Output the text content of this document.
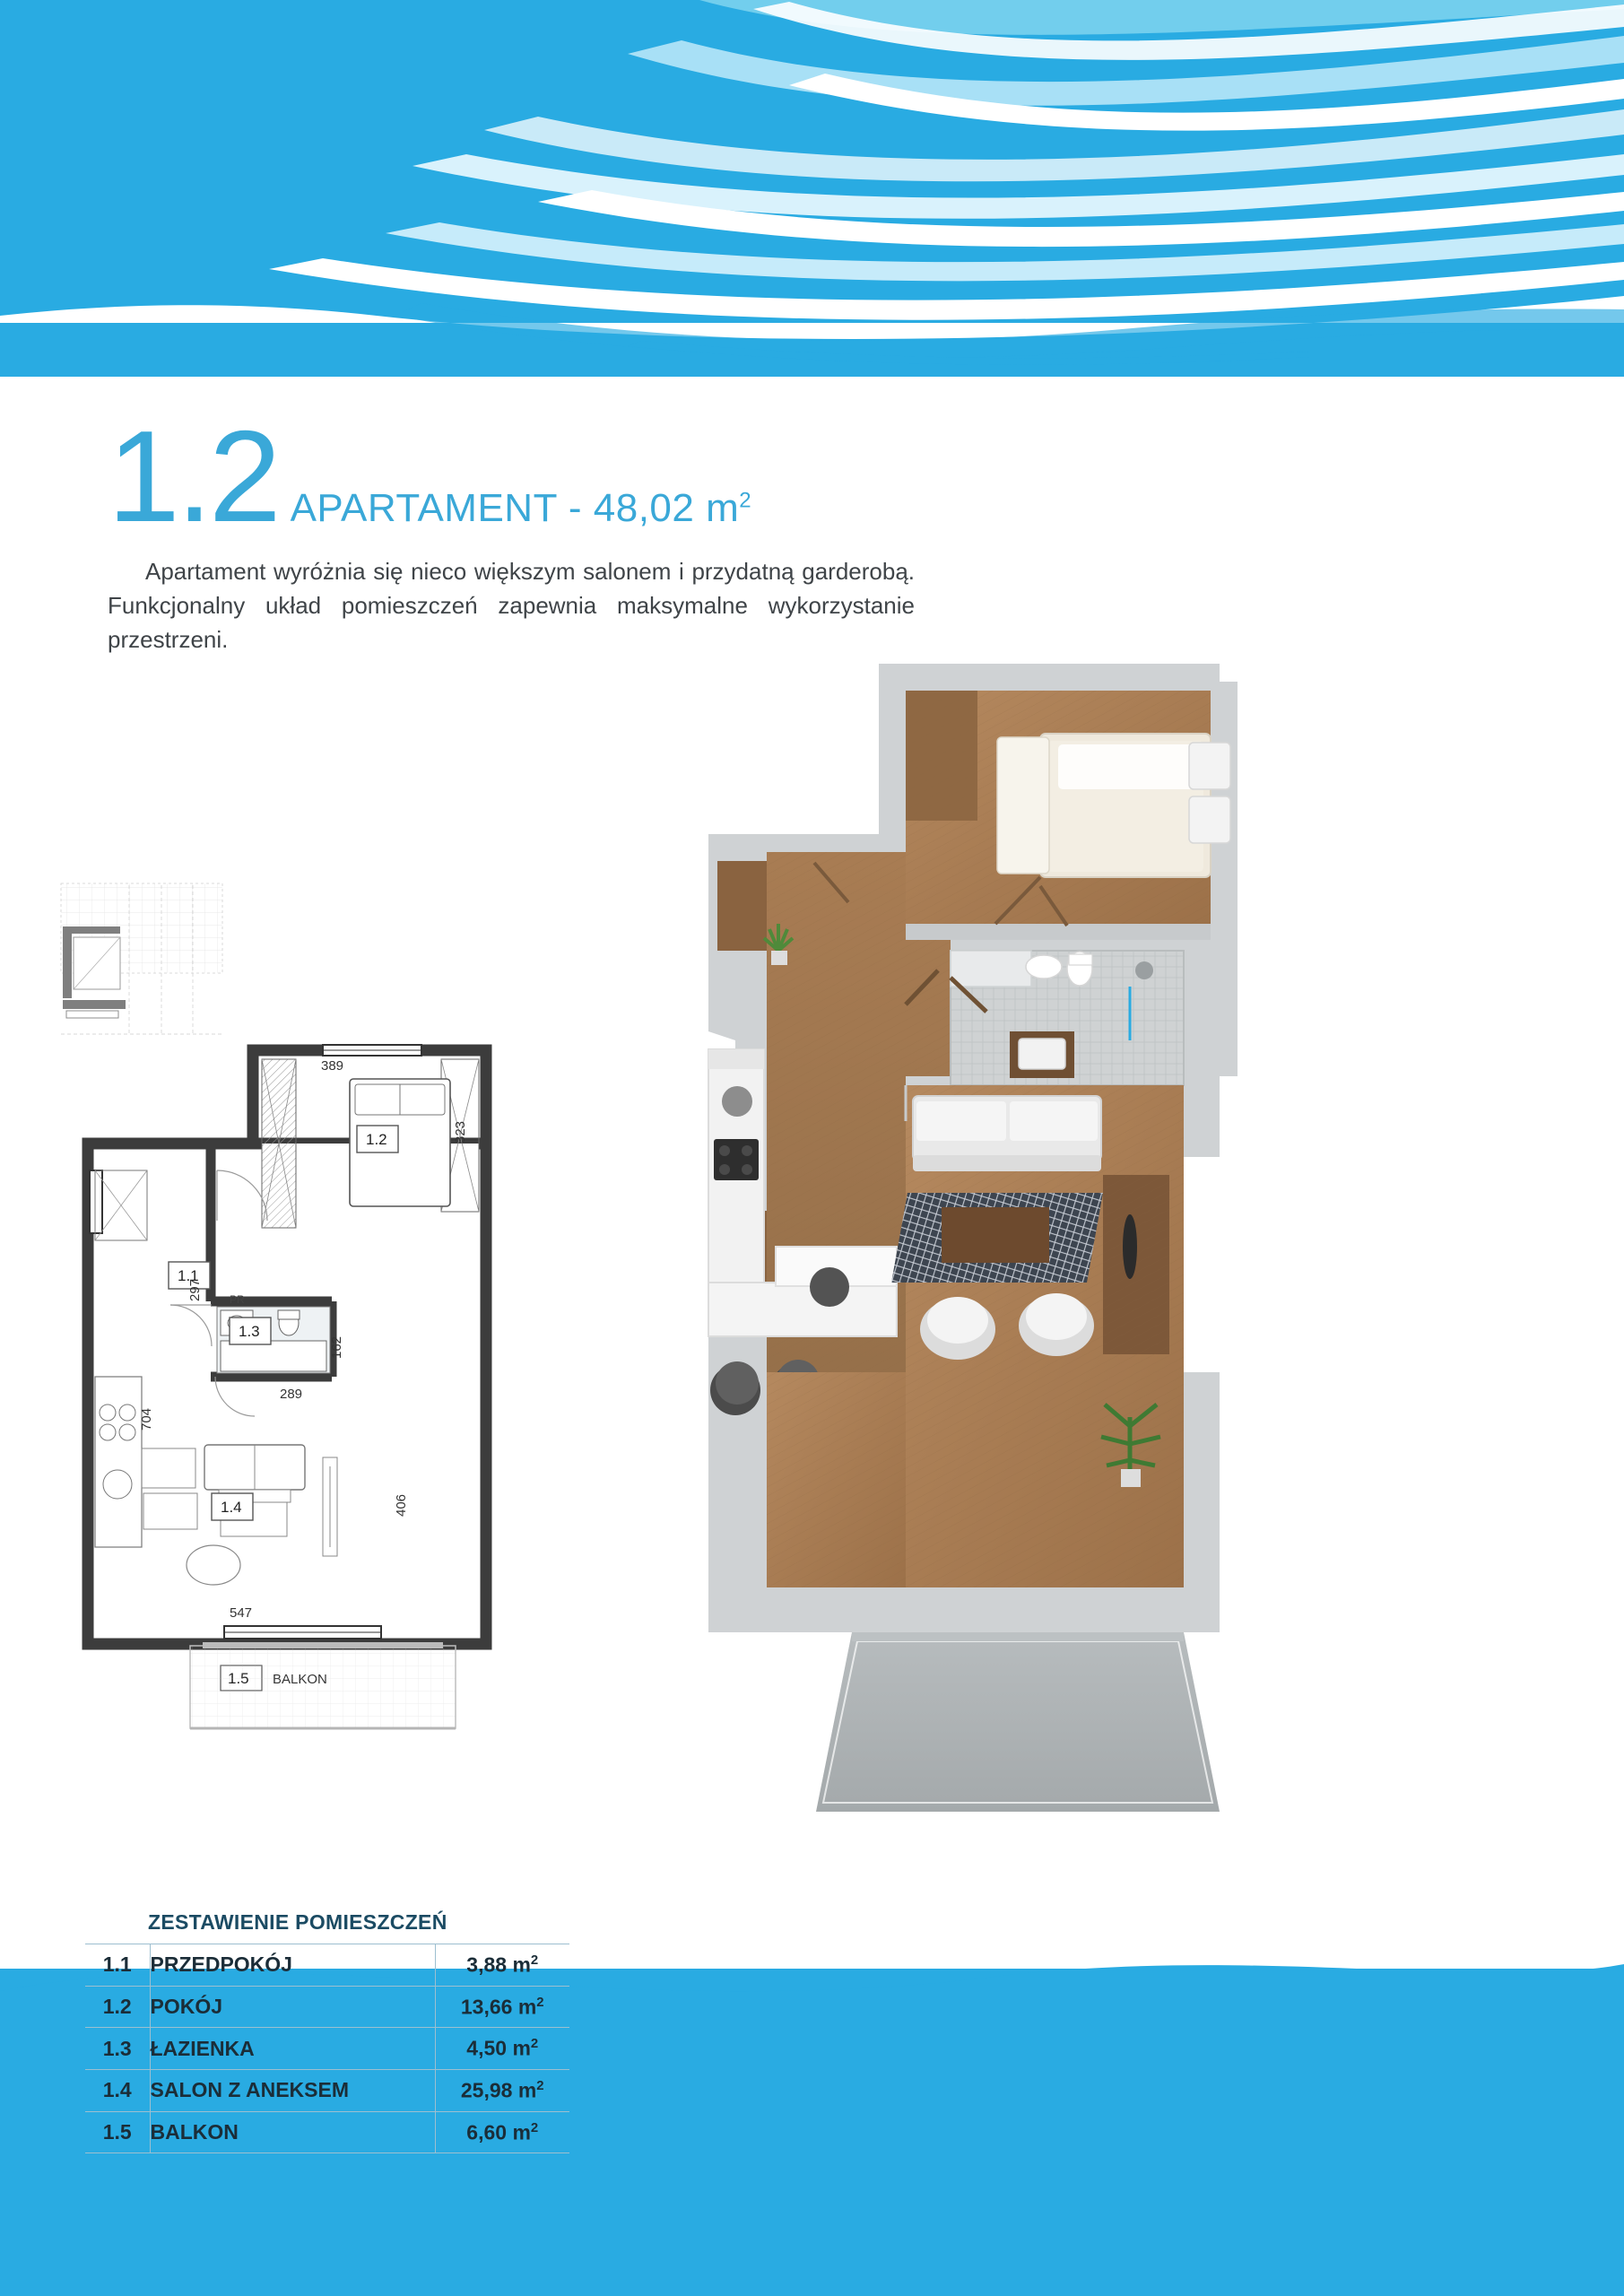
1.2 APARTAMENT - 48,02 $m^2$
Apartament wyróżnia się nieco większym salonem i przydatną garderobą. Funkcjonalny układ pomieszczeń zapewnia maksymalne wykorzystanie przestrzeni.
PR
1.2
1.1
1.3
1.4
1.5 BALKON
389
323
297
162
289
704
406
547
ZESTAWIENIE POMIESZCZEŃ
1.1	PRZEDPOKÓJ	3,88 $m^2$
1.2	POKÓJ	13,66 $m^2$
1.3	ŁAZIENKA	4,50 $m^2$
1.4	SALON Z ANEKSEM	25,98 $m^2$
1.5	BALKON	6,60 $m^2$
